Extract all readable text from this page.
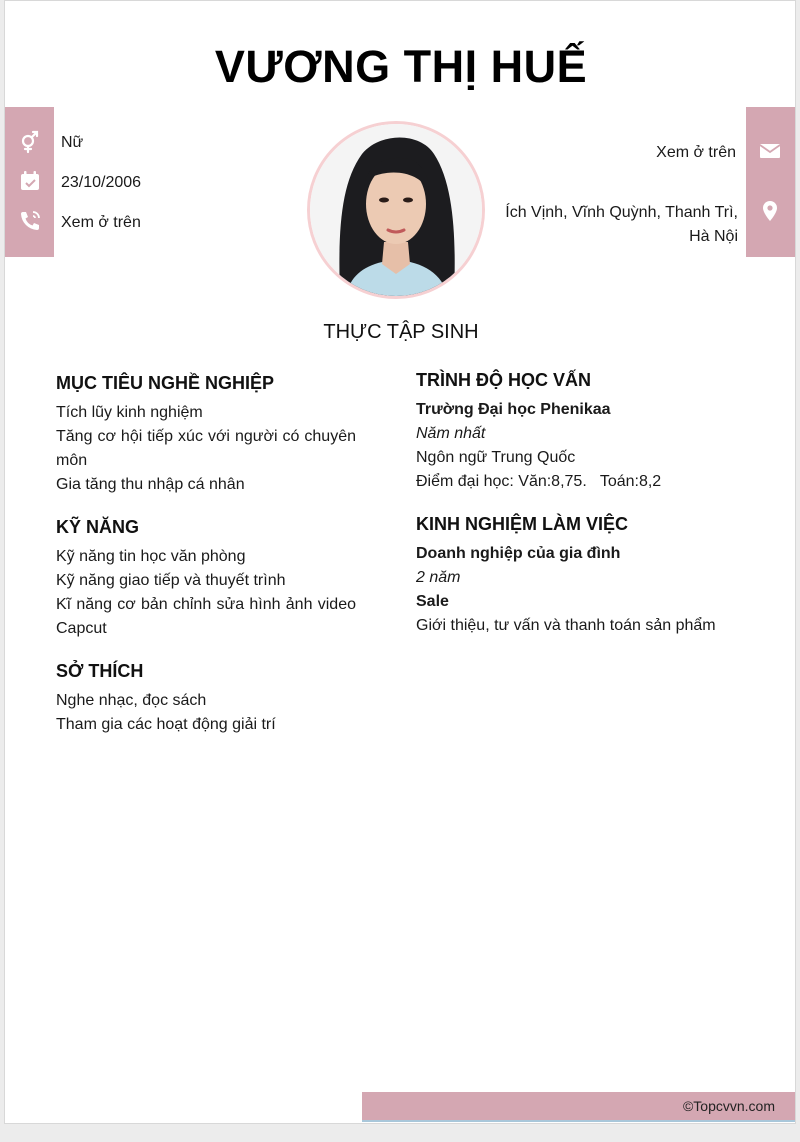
VƯƠNG THỊ HUẾ
Nữ
23/10/2006
Xem ở trên
Xem ở trên
Ích Vịnh, Vĩnh Quỳnh, Thanh Trì, Hà Nội
THỰC TẬP SINH
MỤC TIÊU NGHỀ NGHIỆP
Tích lũy kinh nghiệm
Tăng cơ hội tiếp xúc với người có chuyên môn
Gia tăng thu nhập cá nhân
KỸ NĂNG
Kỹ năng tin học văn phòng
Kỹ năng giao tiếp và thuyết trình
Kĩ năng cơ bản chỉnh sửa hình ảnh video Capcut
SỞ THÍCH
Nghe nhạc, đọc sách
Tham gia các hoạt động giải trí
TRÌNH ĐỘ HỌC VẤN
Trường Đại học Phenikaa
Năm nhất
Ngôn ngữ Trung Quốc
Điểm đại học: Văn:8,75.   Toán:8,2
KINH NGHIỆM LÀM VIỆC
Doanh nghiệp của gia đình
2 năm
Sale
Giới thiệu, tư vấn và thanh toán sản phẩm
©Topcvvn.com
